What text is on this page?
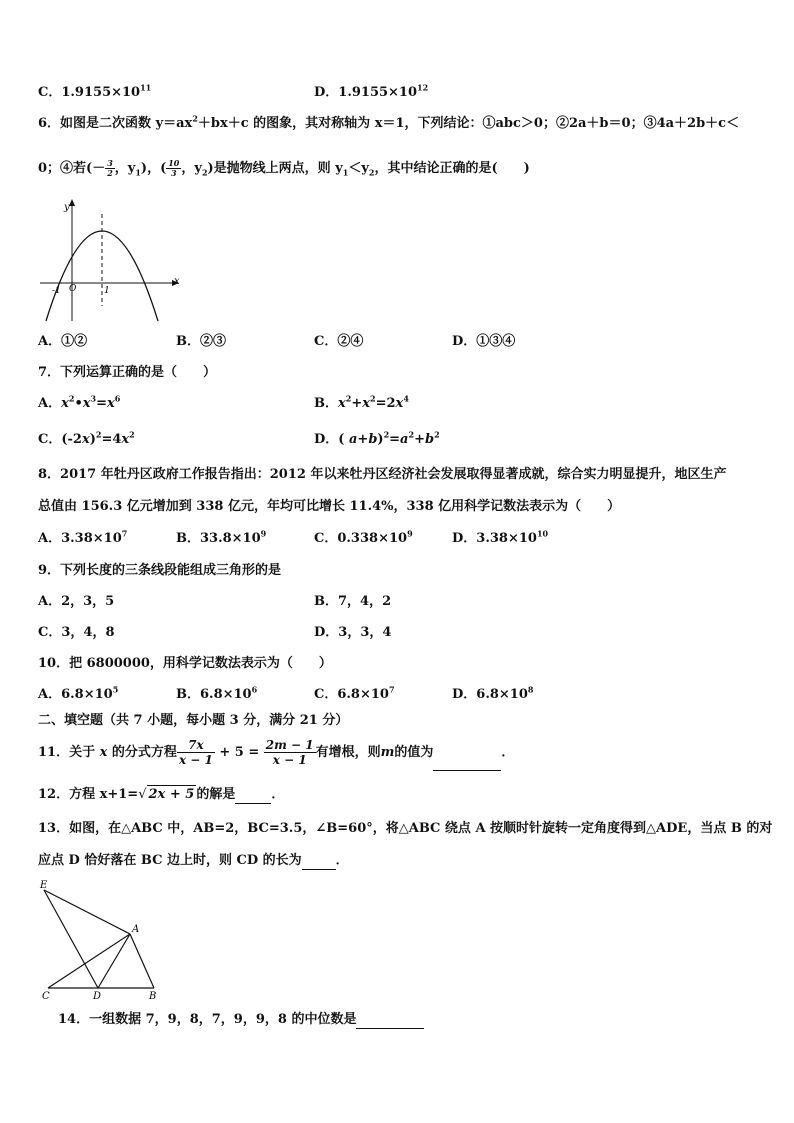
C．$1.9155\times 10^{11}$	D．$1.9155\times 10^{12}$
6．如图是二次函数 $y=ax^2+bx+c$ 的图象，其对称轴为 x＝1，下列结论：①abc＞0；②2a＋b＝0；③4a＋2b＋c＜
0；④若(－ $\frac{3}{2}$ ，$y_1$)，( $\frac{10}{3}$ ，$y_2$)是抛物线上两点，则 $y_1<y_2$，其中结论正确的是(　　)
y
x
O
-1	1
A．①②	B．②③	C．②④	D．①③④
7．下列运算正确的是（　　）
A．$x^2•x^3=x^6$	B．$x^2+x^2=2x^4$
C．$(-2x)^2=4x^2$	D．( $a+b)^2=a^2+b^2$
8．2017 年牡丹区政府工作报告指出：2012 年以来牡丹区经济社会发展取得显著成就，综合实力明显提升，地区生产
总值由 156.3 亿元增加到 338 亿元，年均可比增长 11.4%，338 亿用科学记数法表示为（　　）
A．$3.38\times 10^7$	B．$33.8\times 10^9$	C．$0.338\times 10^9$	D．$3.38\times 10^{10}$
9．下列长度的三条线段能组成三角形的是
A．2，3，5	B．7，4，2
C．3，4，8	D．3，3，4
10．把 6800000，用科学记数法表示为（　　）
A．$6.8\times 10^5$	B．$6.8\times 10^6$	C．$6.8\times 10^7$	D．$6.8\times 10^8$
二、填空题（共 7 小题，每小题 3 分，满分 21 分）
11．关于 x 的分式方程 $\frac{7x}{x - 1} + 5 = \frac{2m - 1}{x - 1}$ 有增根，则m的值为	．
12．方程 x+1=√ 2x + 5 的解是	．
13．如图，在△ABC 中，AB=2，BC=3.5，∠B=60°，将△ABC 绕点 A 按顺时针旋转一定角度得到△ADE，当点 B 的对
应点 D 恰好落在 BC 边上时，则 CD 的长为	．
E
A
C	D	B
14．一组数据 7，9，8，7，9，9，8 的中位数是
